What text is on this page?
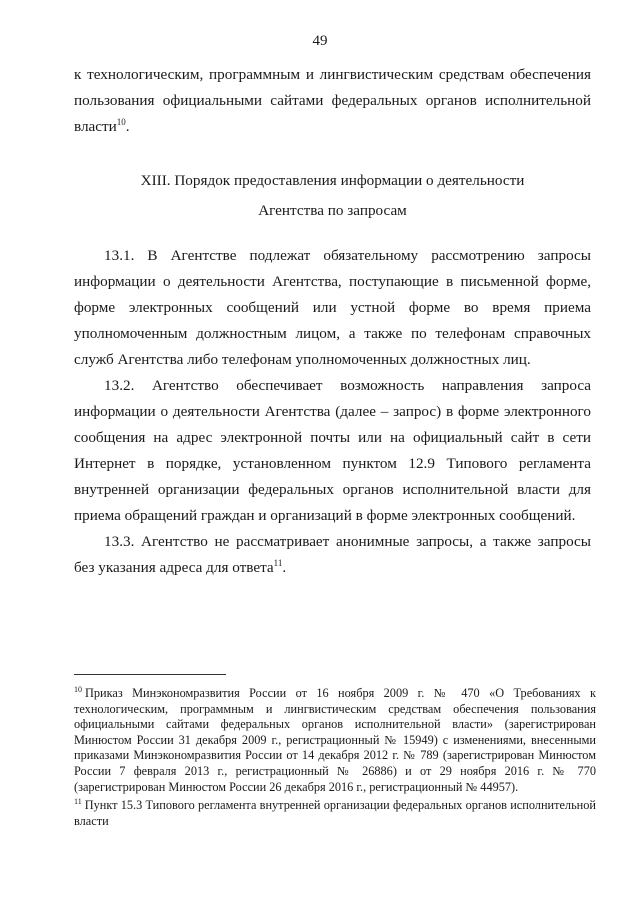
49

к технологическим, программным и лингвистическим средствам обеспечения пользования официальными сайтами федеральных органов исполнительной власти$^{10}$.

XIII. Порядок предоставления информации о деятельности
Агентства по запросам

13.1. В Агентстве подлежат обязательному рассмотрению запросы информации о деятельности Агентства, поступающие в письменной форме, форме электронных сообщений или устной форме во время приема уполномоченным должностным лицом, а также по телефонам справочных служб Агентства либо телефонам уполномоченных должностных лиц.

13.2. Агентство обеспечивает возможность направления запроса информации о деятельности Агентства (далее – запрос) в форме электронного сообщения на адрес электронной почты или на официальный сайт в сети Интернет в порядке, установленном пунктом 12.9 Типового регламента внутренней организации федеральных органов исполнительной власти для приема обращений граждан и организаций в форме электронных сообщений.

13.3. Агентство не рассматривает анонимные запросы, а также запросы без указания адреса для ответа$^{11}$.

$^{10}$ Приказ Минэкономразвития России от 16 ноября 2009 г. № 470 «О Требованиях к технологическим, программным и лингвистическим средствам обеспечения пользования официальными сайтами федеральных органов исполнительной власти» (зарегистрирован Минюстом России 31 декабря 2009 г., регистрационный № 15949) с изменениями, внесенными приказами Минэкономразвития России от 14 декабря 2012 г. № 789 (зарегистрирован Минюстом России 7 февраля 2013 г., регистрационный № 26886) и от 29 ноября 2016 г. № 770 (зарегистрирован Минюстом России 26 декабря 2016 г., регистрационный № 44957).

$^{11}$ Пункт 15.3 Типового регламента внутренней организации федеральных органов исполнительной власти
